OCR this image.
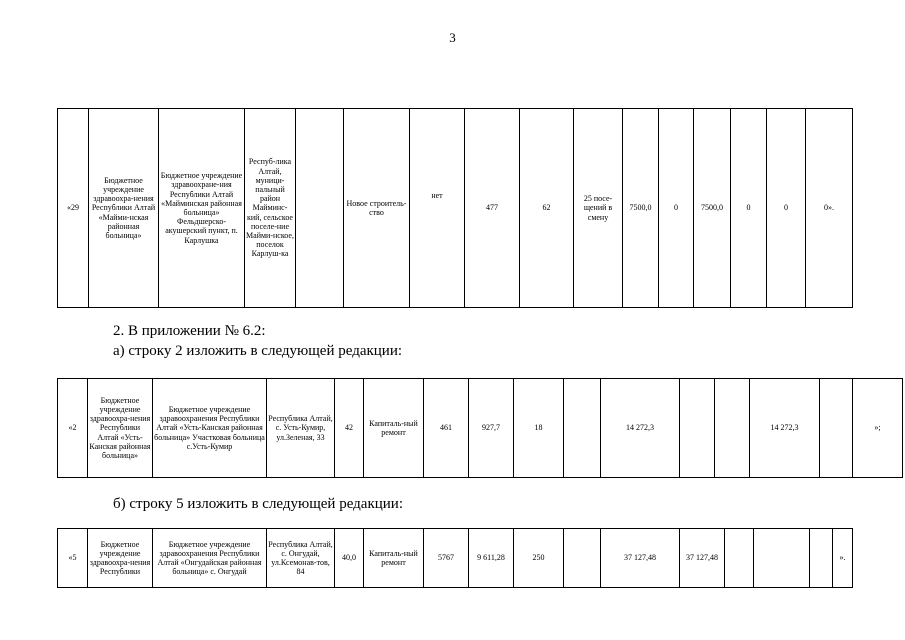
3
«29	Бюджетное учреждение здравоохра-нения Республики Алтай «Майми-нская районная больница»	Бюджетное учреждение здравоохране-ния Республики Алтай «Майминская районная больница» Фельдшерско-акушерский пункт, п. Карлушка	Респуб-лика Алтай, муници-пальный район Майминс-кий, сельское поселе-ние Майми-нское, поселок Карлуш-ка		Новое строитель-ство	нет	477	62	25 посе-щений в смену	7500,0	0	7500,0	0	0	0».
2. В приложении № 6.2:
а) строку 2 изложить в следующей редакции:
«2	Бюджетное учреждение здравоохра-нения Республики Алтай «Усть-Канская районная больница»	Бюджетное учреждение здравоохранения Республики Алтай «Усть-Канская районная больница» Участковая больница с.Усть-Кумир	Республика Алтай, с. Усть-Кумир, ул.Зеленая, 33	42	Капиталь-ный ремонт	461	927,7	18		14 272,3			14 272,3		»;
б) строку 5 изложить в следующей редакции:
«5	Бюджетное учреждение здравоохра-нения Республики	Бюджетное учреждение здравоохранения Республики Алтай «Онгудайская районная больница» с. Онгудай	Республика Алтай, с. Онгудай, ул.Ксемонав-тов, 84	40,0	Капиталь-ный ремонт	5767	9 611,28	250		37 127,48	37 127,48				».
